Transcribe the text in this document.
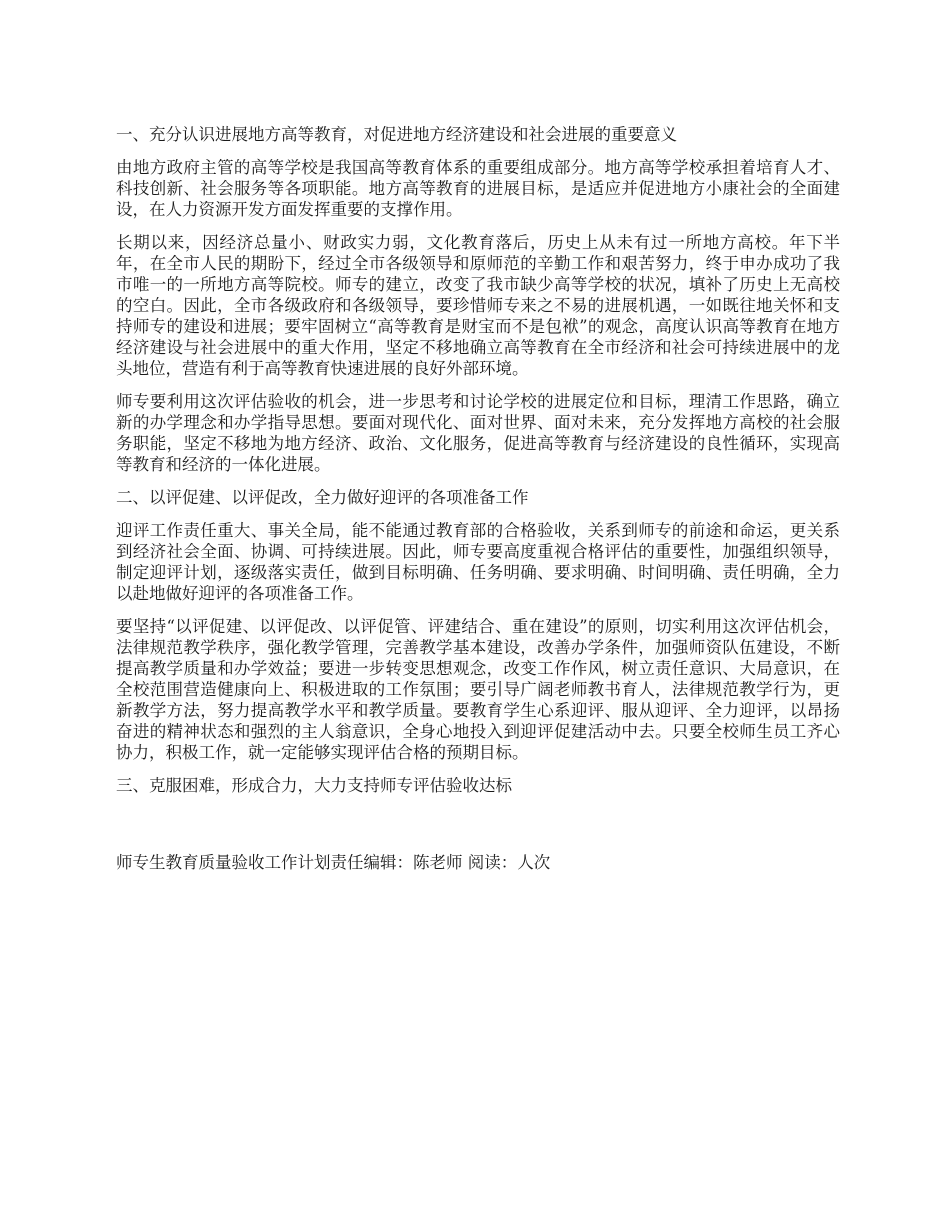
一、充分认识进展地方高等教育，对促进地方经济建设和社会进展的重要意义

由地方政府主管的高等学校是我国高等教育体系的重要组成部分。地方高等学校承担着培育人才、科技创新、社会服务等各项职能。地方高等教育的进展目标，是适应并促进地方小康社会的全面建设，在人力资源开发方面发挥重要的支撑作用。

长期以来，因经济总量小、财政实力弱，文化教育落后，历史上从未有过一所地方高校。年下半年，在全市人民的期盼下，经过全市各级领导和原师范的辛勤工作和艰苦努力，终于申办成功了我市唯一的一所地方高等院校。师专的建立，改变了我市缺少高等学校的状况，填补了历史上无高校的空白。因此，全市各级政府和各级领导，要珍惜师专来之不易的进展机遇，一如既往地关怀和支持师专的建设和进展；要牢固树立“高等教育是财宝而不是包袱”的观念，高度认识高等教育在地方经济建设与社会进展中的重大作用，坚定不移地确立高等教育在全市经济和社会可持续进展中的龙头地位，营造有利于高等教育快速进展的良好外部环境。

师专要利用这次评估验收的机会，进一步思考和讨论学校的进展定位和目标，理清工作思路，确立新的办学理念和办学指导思想。要面对现代化、面对世界、面对未来，充分发挥地方高校的社会服务职能，坚定不移地为地方经济、政治、文化服务，促进高等教育与经济建设的良性循环，实现高等教育和经济的一体化进展。

二、以评促建、以评促改，全力做好迎评的各项准备工作

迎评工作责任重大、事关全局，能不能通过教育部的合格验收，关系到师专的前途和命运，更关系到经济社会全面、协调、可持续进展。因此，师专要高度重视合格评估的重要性，加强组织领导，制定迎评计划，逐级落实责任，做到目标明确、任务明确、要求明确、时间明确、责任明确，全力以赴地做好迎评的各项准备工作。

要坚持“以评促建、以评促改、以评促管、评建结合、重在建设”的原则，切实利用这次评估机会，法律规范教学秩序，强化教学管理，完善教学基本建设，改善办学条件，加强师资队伍建设，不断提高教学质量和办学效益；要进一步转变思想观念，改变工作作风，树立责任意识、大局意识，在全校范围营造健康向上、积极进取的工作氛围；要引导广阔老师教书育人，法律规范教学行为，更新教学方法，努力提高教学水平和教学质量。要教育学生心系迎评、服从迎评、全力迎评，以昂扬奋进的精神状态和强烈的主人翁意识，全身心地投入到迎评促建活动中去。只要全校师生员工齐心协力，积极工作，就一定能够实现评估合格的预期目标。

三、克服困难，形成合力，大力支持师专评估验收达标
师专生教育质量验收工作计划责任编辑：陈老师 阅读：人次
